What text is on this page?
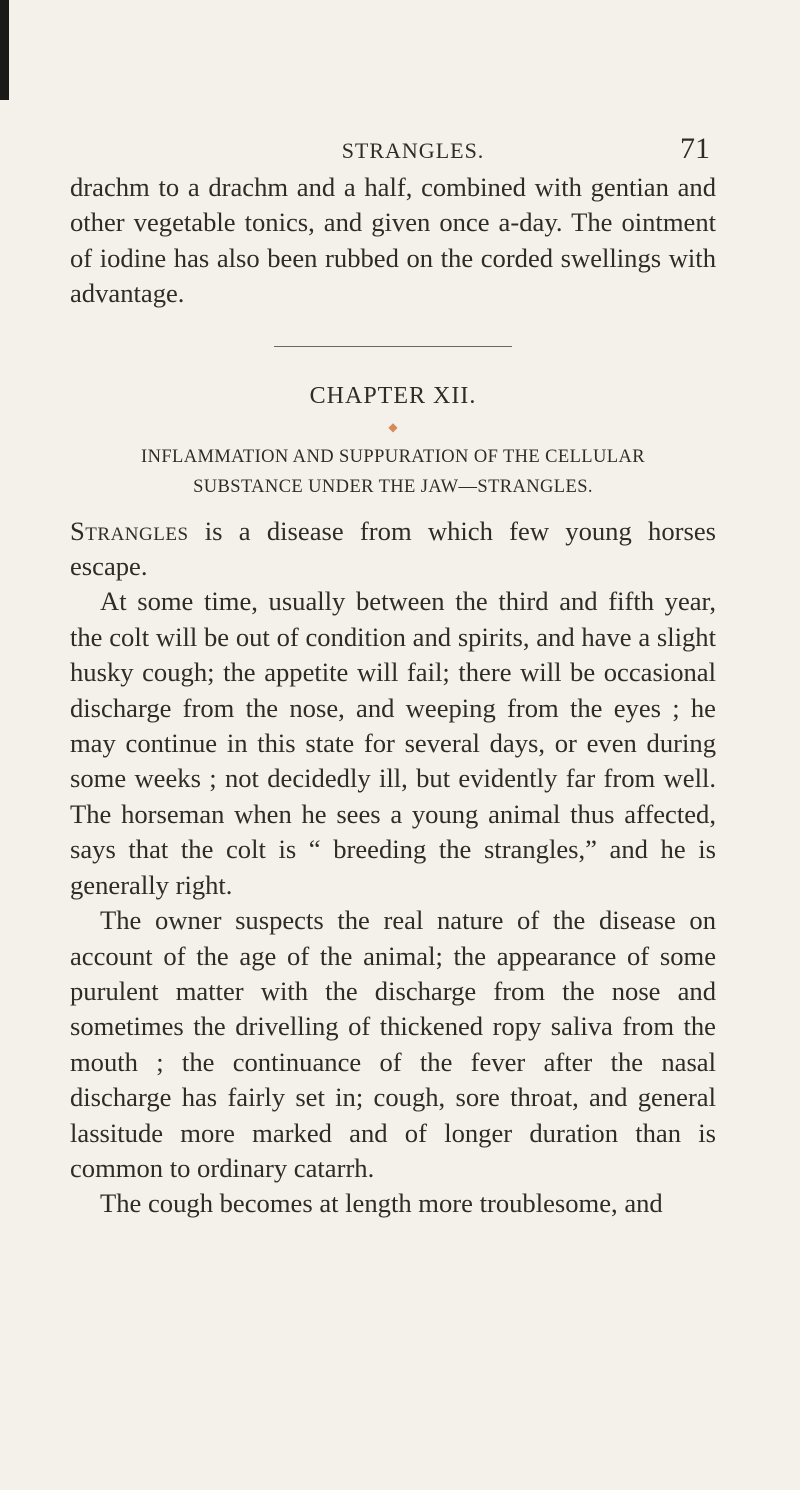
STRANGLES.	71

drachm to a drachm and a half, combined with gentian and other vegetable tonics, and given once a-day. The ointment of iodine has also been rubbed on the corded swellings with advantage.

CHAPTER XII.
◆
INFLAMMATION AND SUPPURATION OF THE CELLULAR
SUBSTANCE UNDER THE JAW—STRANGLES.

Strangles is a disease from which few young horses escape.

At some time, usually between the third and fifth year, the colt will be out of condition and spirits, and have a slight husky cough; the appetite will fail; there will be occasional discharge from the nose, and weeping from the eyes ; he may continue in this state for several days, or even during some weeks ; not decidedly ill, but evidently far from well. The horseman when he sees a young animal thus affected, says that the colt is “ breeding the strangles,” and he is generally right.

The owner suspects the real nature of the disease on account of the age of the animal; the appearance of some purulent matter with the discharge from the nose and sometimes the drivelling of thickened ropy saliva from the mouth ; the continuance of the fever after the nasal discharge has fairly set in; cough, sore throat, and general lassitude more marked and of longer duration than is common to ordinary catarrh.

The cough becomes at length more troublesome, and
